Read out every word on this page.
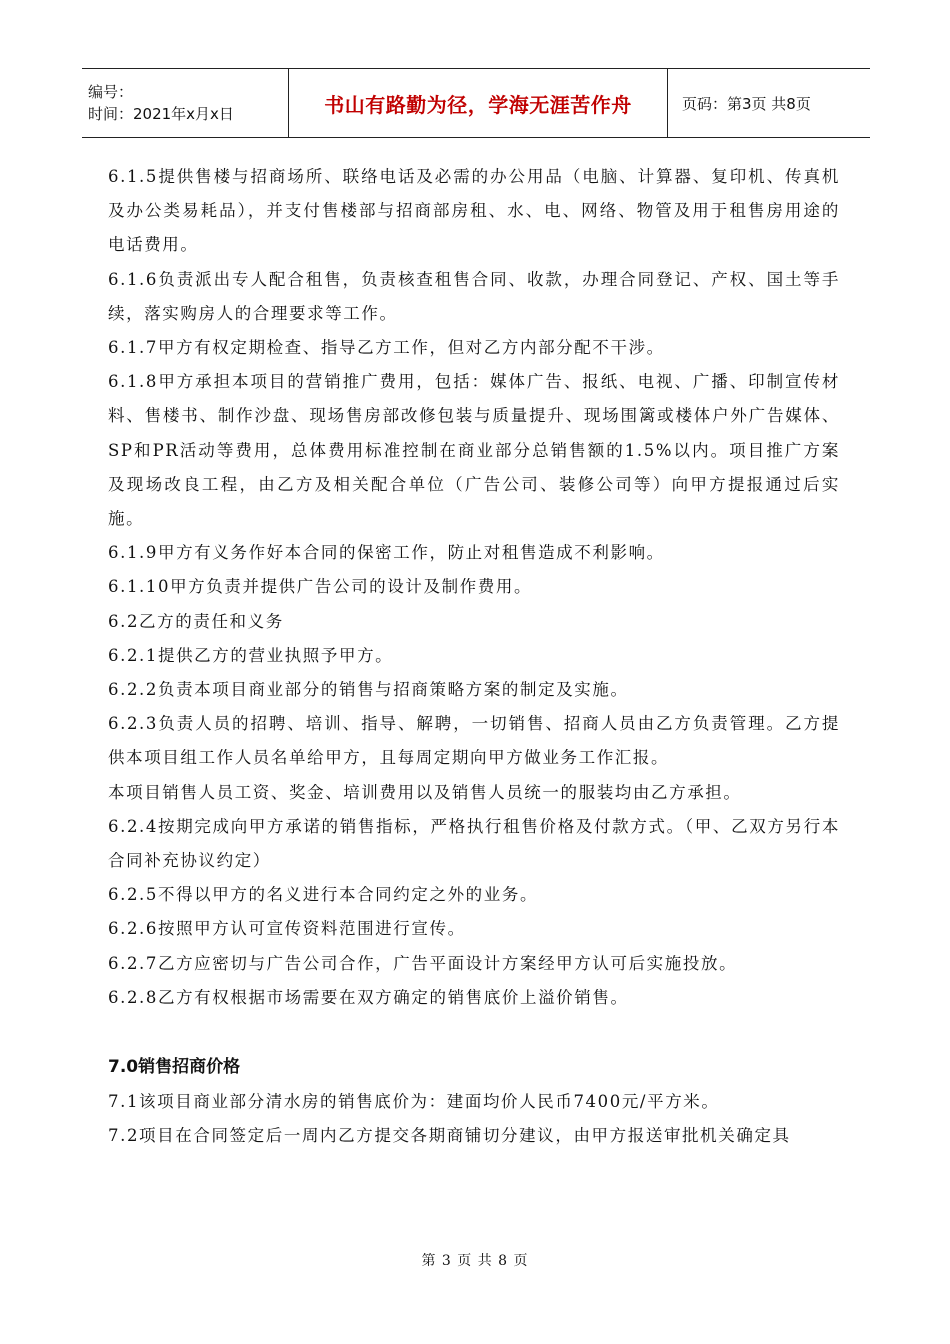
编号：
时间：2021年x月x日	书山有路勤为径，学海无涯苦作舟	页码：第3页 共8页

6.1.5提供售楼与招商场所、联络电话及必需的办公用品（电脑、计算器、复印机、传真机及办公类易耗品），并支付售楼部与招商部房租、水、电、网络、物管及用于租售房用途的电话费用。

6.1.6负责派出专人配合租售，负责核查租售合同、收款，办理合同登记、产权、国土等手续，落实购房人的合理要求等工作。

6.1.7甲方有权定期检查、指导乙方工作，但对乙方内部分配不干涉。

6.1.8甲方承担本项目的营销推广费用，包括：媒体广告、报纸、电视、广播、印制宣传材料、售楼书、制作沙盘、现场售房部改修包装与质量提升、现场围篱或楼体户外广告媒体、SP和PR活动等费用，总体费用标准控制在商业部分总销售额的1.5%以内。项目推广方案及现场改良工程，由乙方及相关配合单位（广告公司、装修公司等）向甲方提报通过后实施。

6.1.9甲方有义务作好本合同的保密工作，防止对租售造成不利影响。

6.1.10甲方负责并提供广告公司的设计及制作费用。

6.2乙方的责任和义务

6.2.1提供乙方的营业执照予甲方。

6.2.2负责本项目商业部分的销售与招商策略方案的制定及实施。

6.2.3负责人员的招聘、培训、指导、解聘，一切销售、招商人员由乙方负责管理。乙方提供本项目组工作人员名单给甲方，且每周定期向甲方做业务工作汇报。

本项目销售人员工资、奖金、培训费用以及销售人员统一的服装均由乙方承担。

6.2.4按期完成向甲方承诺的销售指标，严格执行租售价格及付款方式。（甲、乙双方另行本合同补充协议约定）

6.2.5不得以甲方的名义进行本合同约定之外的业务。

6.2.6按照甲方认可宣传资料范围进行宣传。

6.2.7乙方应密切与广告公司合作，广告平面设计方案经甲方认可后实施投放。

6.2.8乙方有权根据市场需要在双方确定的销售底价上溢价销售。

7.0销售招商价格

7.1该项目商业部分清水房的销售底价为：建面均价人民币7400元/平方米。

7.2项目在合同签定后一周内乙方提交各期商铺切分建议，由甲方报送审批机关确定具

第 3 页 共 8 页
